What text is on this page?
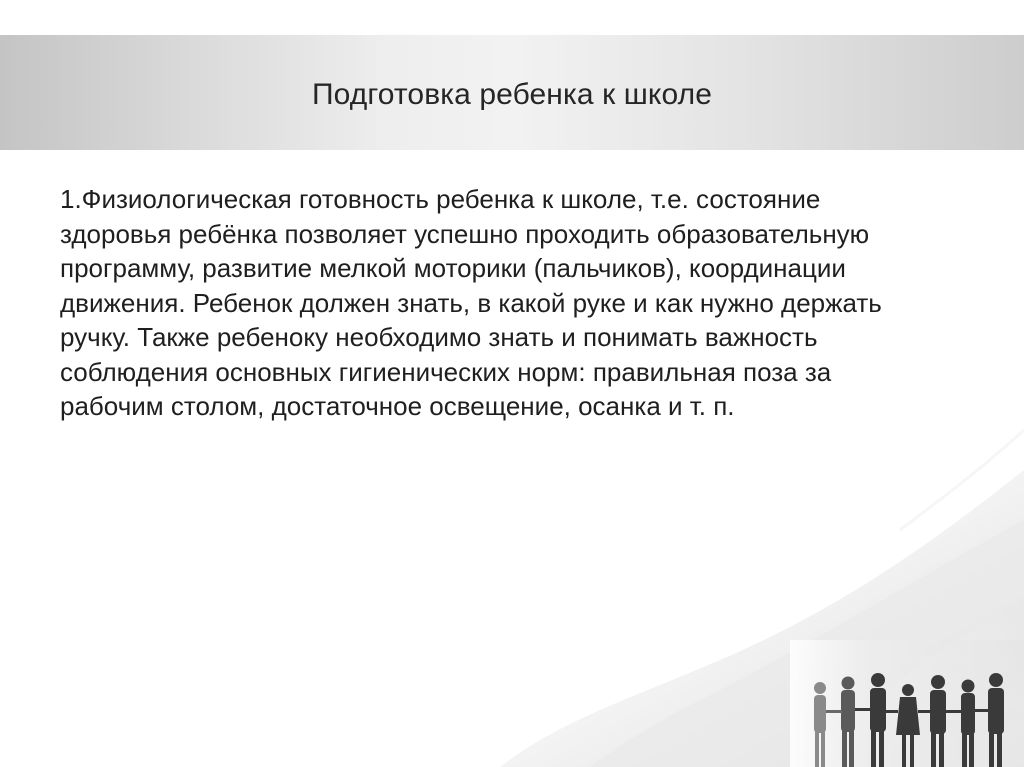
Подготовка ребенка к школе

1.Физиологическая готовность ребенка к школе, т.е. состояние
здоровья ребёнка позволяет успешно проходить образовательную
программу, развитие мелкой моторики (пальчиков), координации
движения. Ребенок должен знать, в какой руке и как нужно держать
ручку. Также ребеноку необходимо знать и понимать важность
соблюдения основных гигиенических норм: правильная поза за
рабочим столом, достаточное освещение, осанка и т. п.
